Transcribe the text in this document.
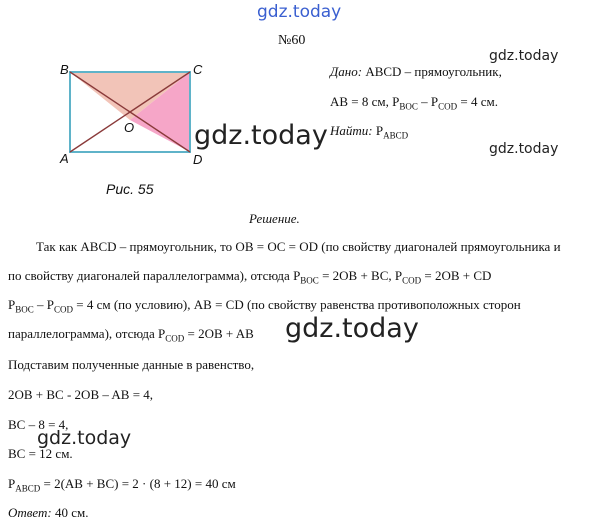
gdz.today
gdz.today
gdz.today
gdz.today
gdz.today
gdz.today
№60
B	C
A	D
O
Рис. 55
Дано: ABCD – прямоугольник,
AB = 8 см, $P_{BOC} - P_{COD} = 4$ см.
Найти: $P_{ABCD}$
Решение.
Так как ABCD – прямоугольник, то OB = OC = OD (по свойству диагоналей прямоугольника и
по свойству диагоналей параллелограмма), отсюда $P_{BOC} = 2OB$ + BC, $P_{COD} = 2OB$ + CD
$P_{BOC} - P_{COD} = 4$ см (по условию), AB = CD (по свойству равенства противоположных сторон
параллелограмма), отсюда $P_{COD} = 2OB$ + AB
Подставим полученные данные в равенство,
2OB + BC - 2OB – AB = 4,
BC – 8 = 4,
BC = 12 см.
$P_{ABCD} = 2(AB + BC) = 2 \cdot (8 + 12) = 40$ см
Ответ: 40 см.
